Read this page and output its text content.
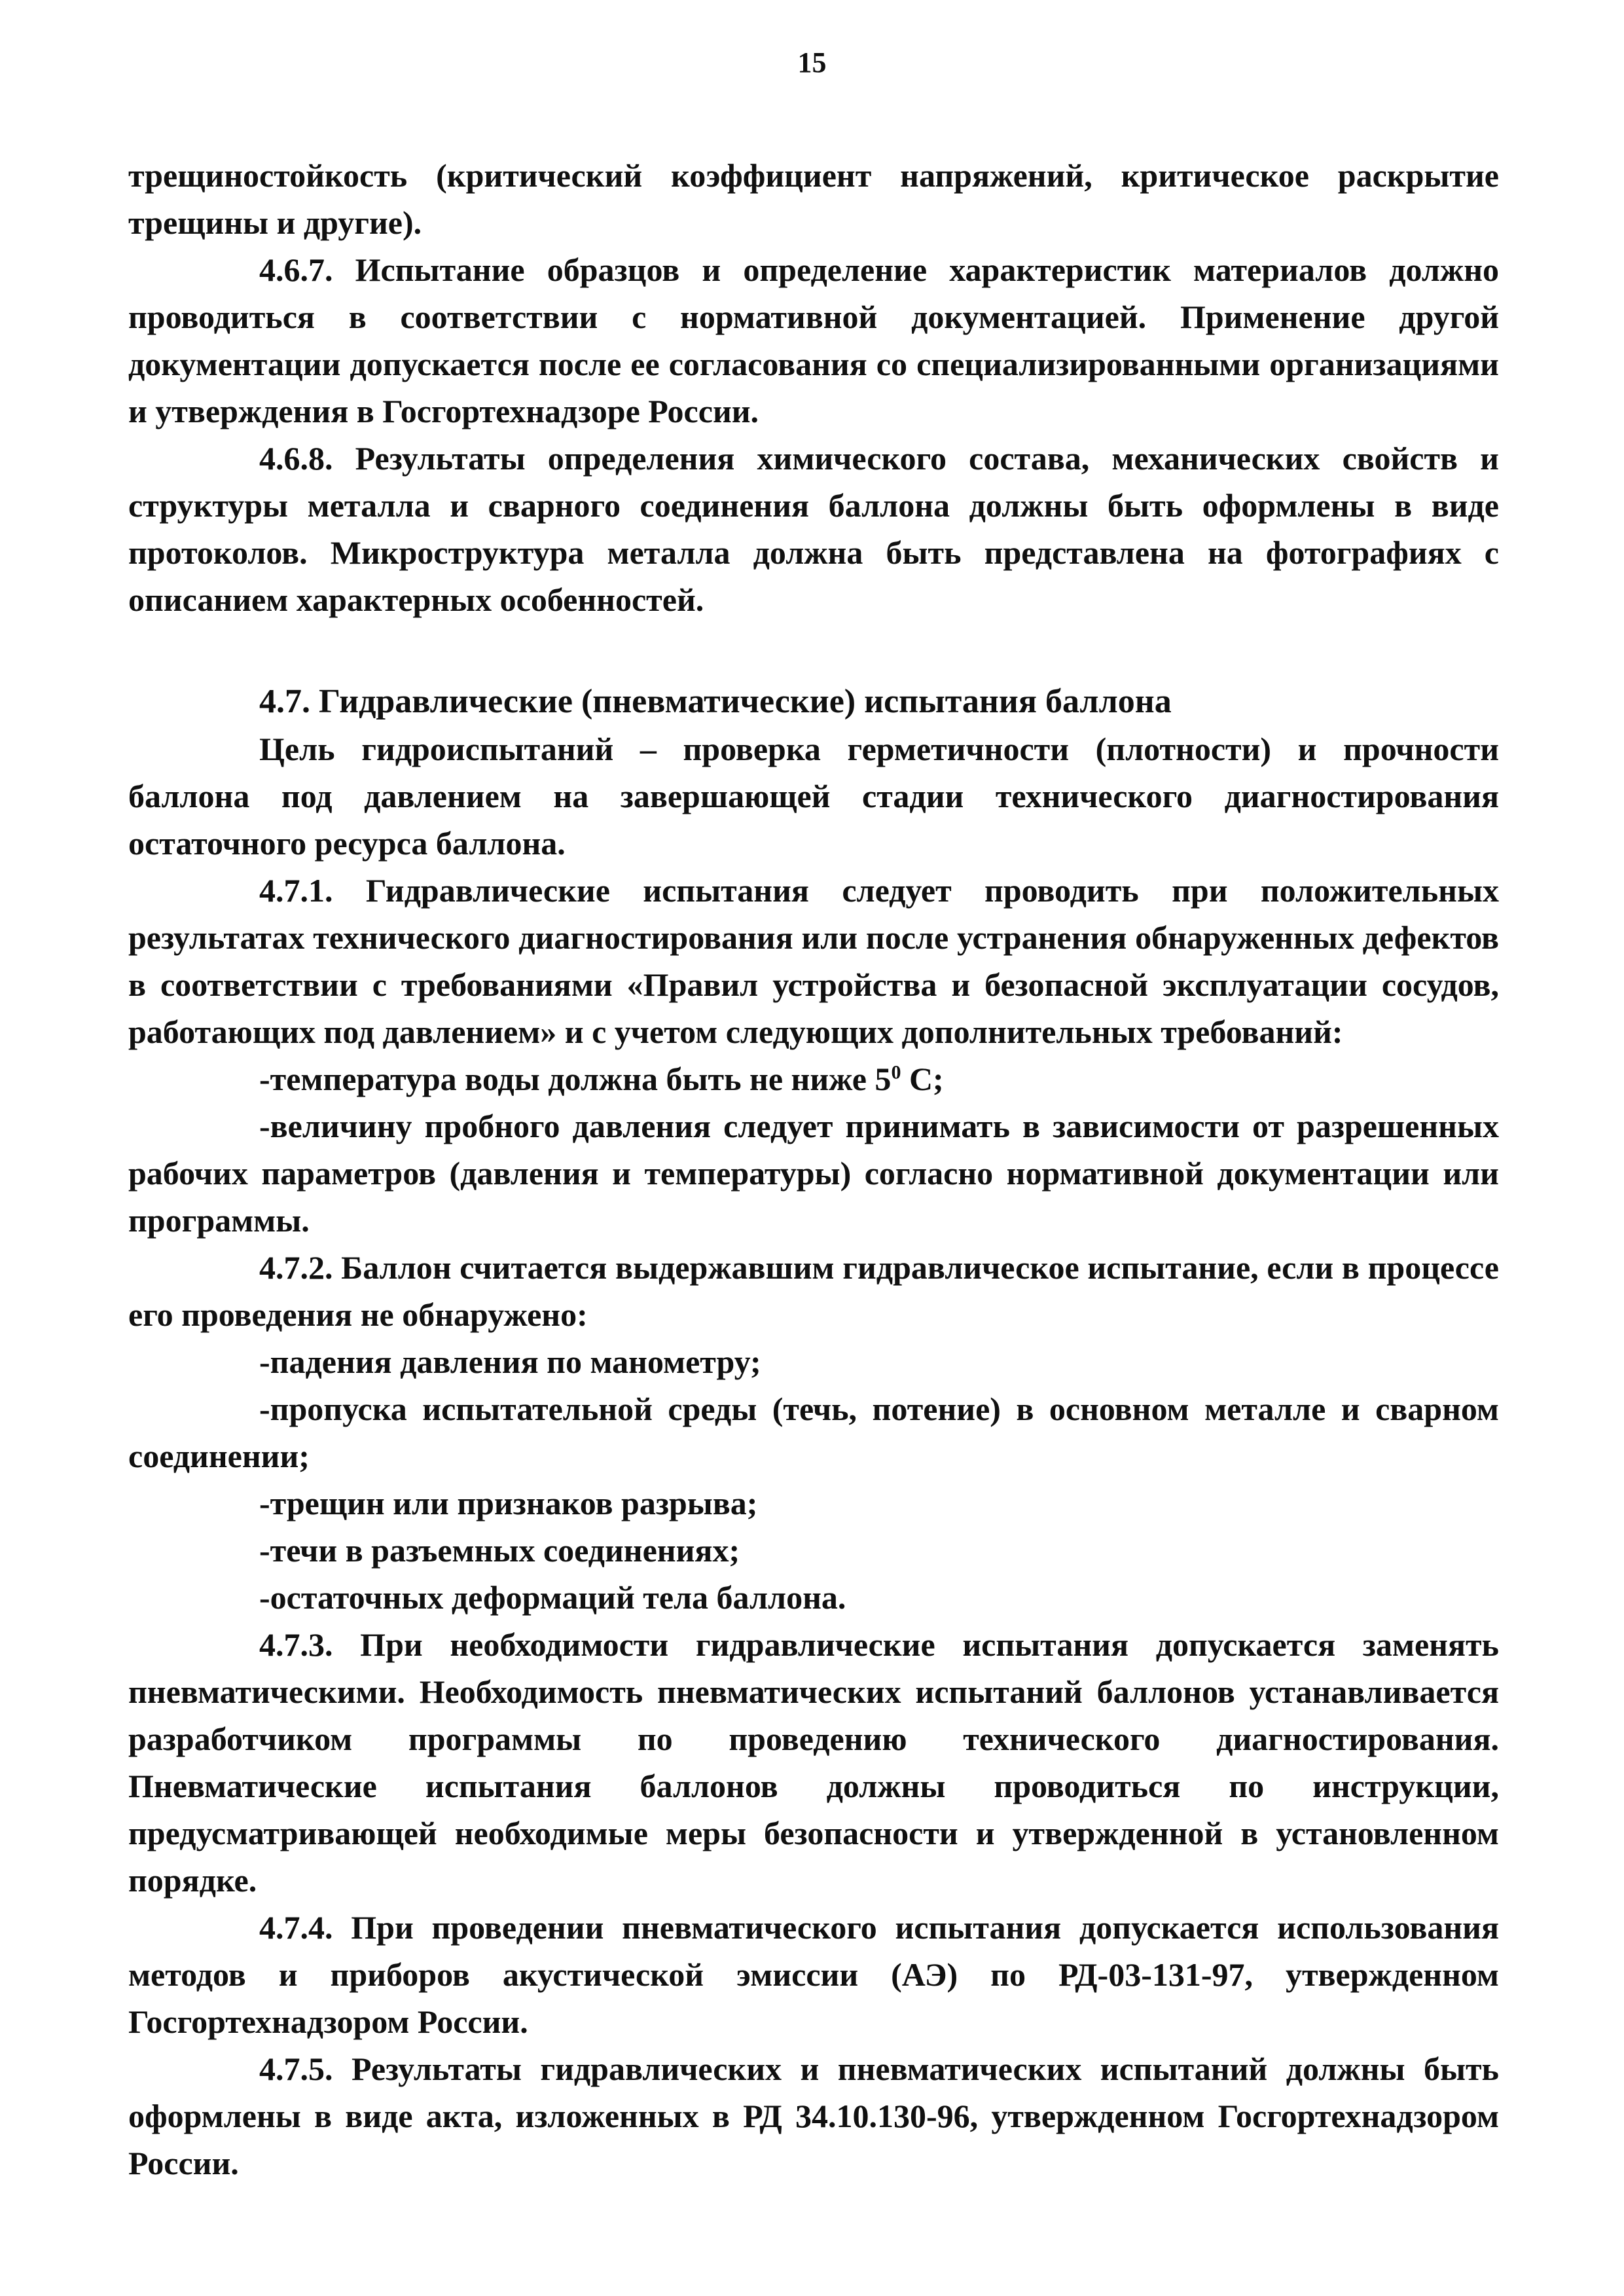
15

трещиностойкость (критический коэффициент напряжений, критическое раскрытие трещины и другие).

4.6.7. Испытание образцов и определение характеристик материалов должно проводиться в соответствии с нормативной документацией. Применение другой документации допускается после ее согласования со специализированными организациями и утверждения в Госгортехнадзоре России.

4.6.8. Результаты определения химического состава, механических свойств и структуры металла и сварного соединения баллона должны быть оформлены в виде протоколов. Микроструктура металла должна быть представлена на фотографиях с описанием характерных особенностей.

4.7. Гидравлические (пневматические) испытания баллона

Цель гидроиспытаний – проверка герметичности (плотности) и прочности баллона под давлением на завершающей стадии технического диагностирования остаточного ресурса баллона.

4.7.1. Гидравлические испытания следует проводить при положительных результатах технического диагностирования или после устранения обнаруженных дефектов в соответствии с требованиями «Правил устройства и безопасной эксплуатации сосудов, работающих под давлением» и с учетом следующих дополнительных требований:

-температура воды должна быть не ниже $5^0$ С;

-величину пробного давления следует принимать в зависимости от разрешенных рабочих параметров (давления и температуры) согласно нормативной документации или программы.

4.7.2. Баллон считается выдержавшим гидравлическое испытание, если в процессе его проведения не обнаружено:

-падения давления по манометру;

-пропуска испытательной среды (течь, потение) в основном металле и сварном соединении;

-трещин или признаков разрыва;

-течи в разъемных соединениях;

-остаточных деформаций тела баллона.

4.7.3. При необходимости гидравлические испытания допускается заменять пневматическими. Необходимость пневматических испытаний баллонов устанавливается разработчиком программы по проведению технического диагностирования. Пневматические испытания баллонов должны проводиться по инструкции, предусматривающей необходимые меры безопасности и утвержденной в установленном порядке.

4.7.4. При проведении пневматического испытания допускается использования методов и приборов акустической эмиссии (АЭ) по РД-03-131-97, утвержденном Госгортехнадзором России.

4.7.5. Результаты гидравлических и пневматических испытаний должны быть оформлены в виде акта, изложенных в РД 34.10.130-96, утвержденном Госгортехнадзором России.
